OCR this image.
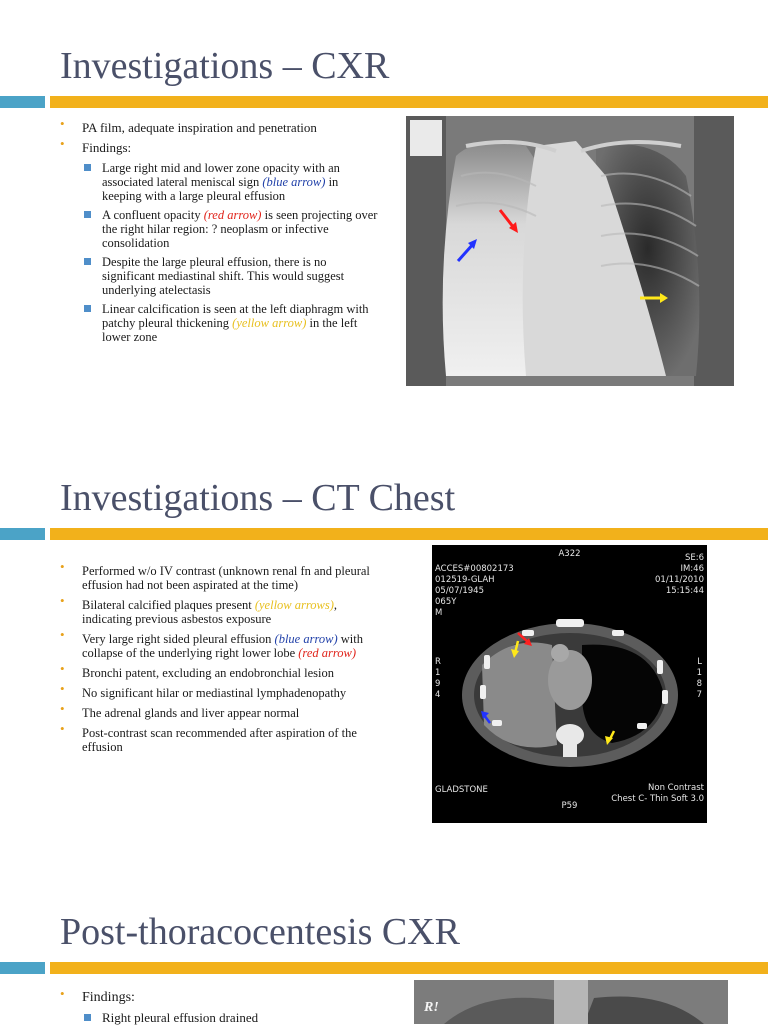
Investigations – CXR
• PA film, adequate inspiration and penetration
• Findings:
Large right mid and lower zone opacity with an associated lateral meniscal sign (blue arrow) in keeping with a large pleural effusion
A confluent opacity (red arrow) is seen projecting over the right hilar region: ? neoplasm or infective consolidation
Despite the large pleural effusion, there is no significant mediastinal shift. This would suggest underlying atelectasis
Linear calcification is seen at the left diaphragm with patchy pleural thickening (yellow arrow) in the left lower zone
Investigations – CT Chest
• Performed w/o IV contrast (unknown renal fn and pleural effusion had not been aspirated at the time)
• Bilateral calcified plaques present (yellow arrows), indicating previous asbestos exposure
• Very large right sided pleural effusion (blue arrow) with collapse of the underlying right lower lobe (red arrow)
• Bronchi patent, excluding an endobronchial lesion
• No significant hilar or mediastinal lymphadenopathy
• The adrenal glands and liver appear normal
• Post-contrast scan recommended after aspiration of the effusion
A322
ACCES#00802173
012519-GLAH
05/07/1945
065Y
M
SE:6
IM:46
01/11/2010
15:15:44
R
1
9
4
L
1
8
7
GLADSTONE
P59
Non Contrast
Chest C- Thin Soft 3.0
Post-thoracocentesis CXR
• Findings:
Right pleural effusion drained
R!
